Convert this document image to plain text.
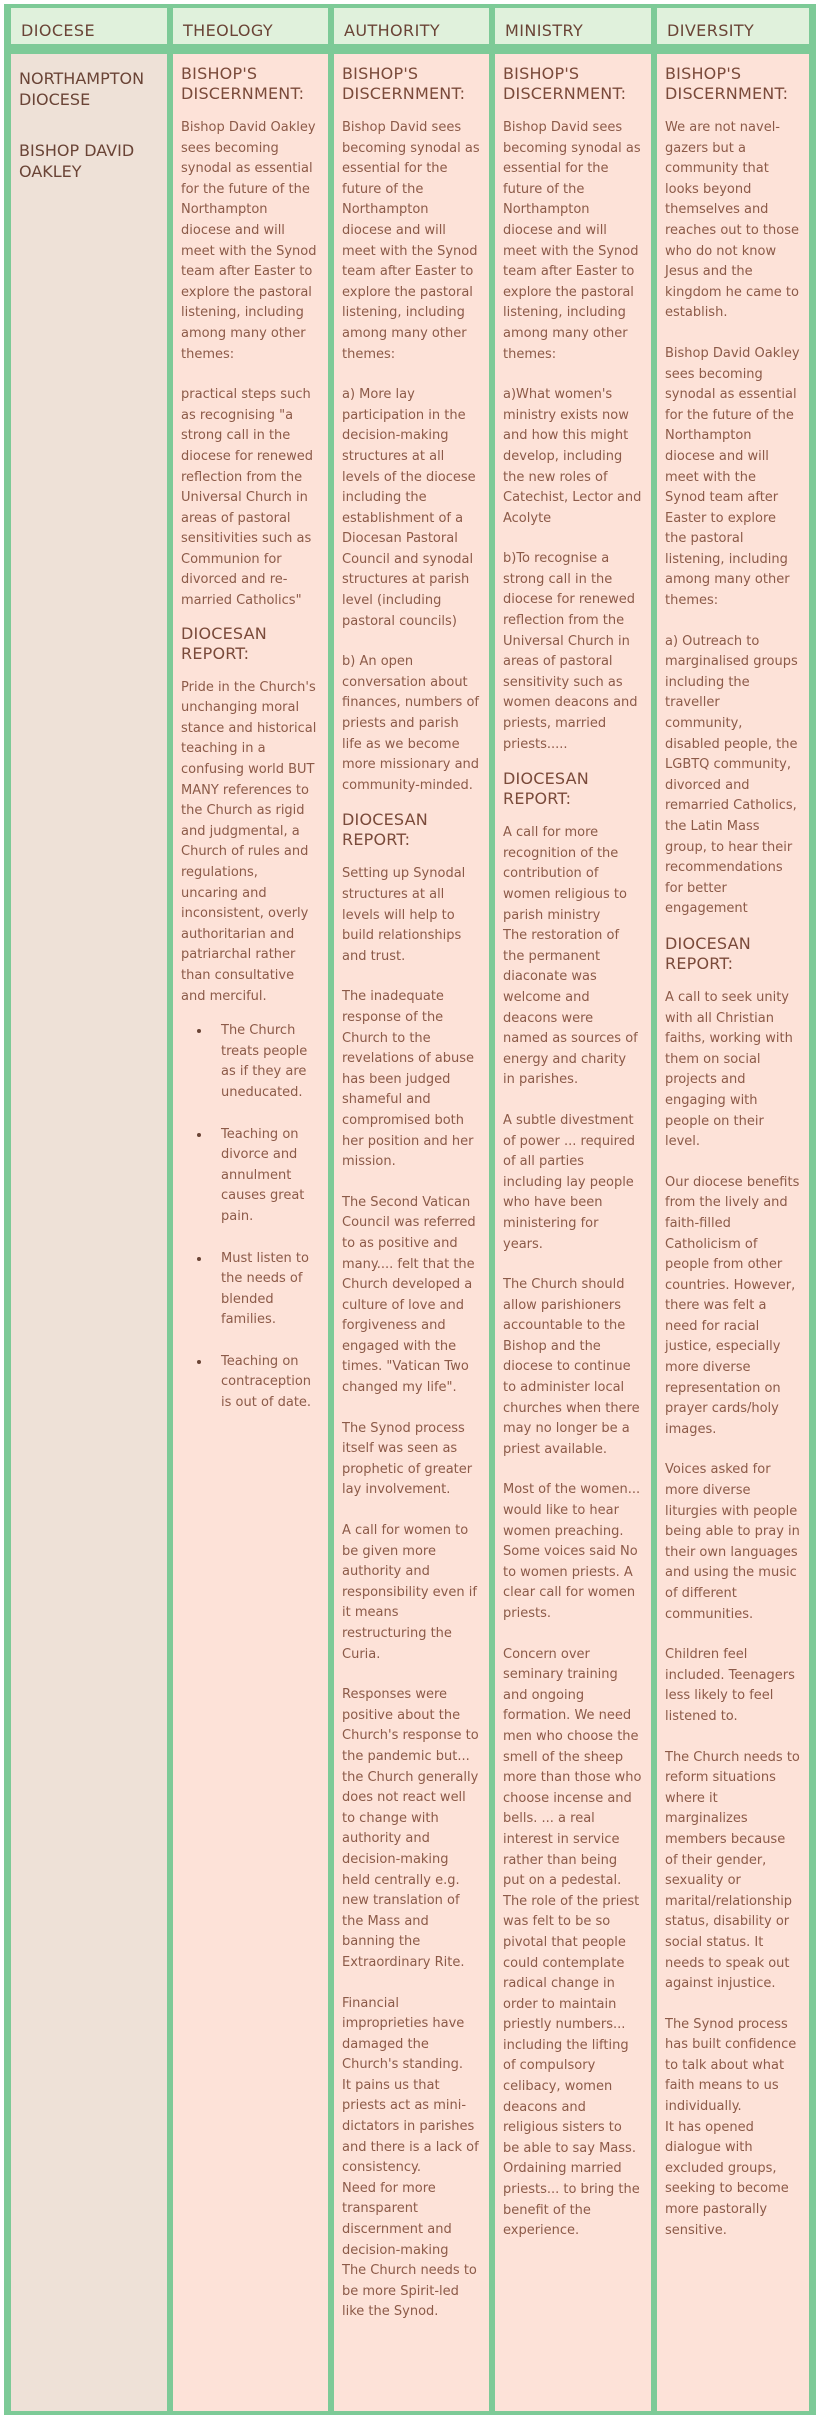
DIOCESE
NORTHAMPTON DIOCESE
BISHOP DAVID OAKLEY
THEOLOGY
BISHOP'S DISCERNMENT:
Bishop David Oakley sees becoming synodal as essential for the future of the Northampton diocese and will meet with the Synod team after Easter to explore the pastoral listening, including among many other themes:
practical steps such as recognising "a strong call in the diocese for renewed reflection from the Universal Church in areas of pastoral sensitivities such as Communion for divorced and re-married Catholics"
DIOCESAN REPORT:
Pride in the Church's unchanging moral stance and historical teaching in a confusing world BUT MANY references to the Church as rigid and judgmental, a Church of rules and regulations, uncaring and inconsistent, overly authoritarian and patriarchal rather than consultative and merciful.
• The Church treats people as if they are uneducated.
• Teaching on divorce and annulment causes great pain.
• Must listen to the needs of blended families.
• Teaching on contraception is out of date.
AUTHORITY
BISHOP'S DISCERNMENT:
Bishop David sees becoming synodal as essential for the future of the Northampton diocese and will meet with the Synod team after Easter to explore the pastoral listening, including among many other themes:
a) More lay participation in the decision-making structures at all levels of the diocese including the establishment of a Diocesan Pastoral Council and synodal structures at parish level (including pastoral councils)
b) An open conversation about finances, numbers of priests and parish life as we become more missionary and community-minded.
DIOCESAN REPORT:
Setting up Synodal structures at all levels will help to build relationships and trust.
The inadequate response of the Church to the revelations of abuse has been judged shameful and compromised both her position and her mission.
The Second Vatican Council was referred to as positive and many.... felt that the Church developed a culture of love and forgiveness and engaged with the times. "Vatican Two changed my life".
The Synod process itself was seen as prophetic of greater lay involvement.
A call for women to be given more authority and responsibility even if it means restructuring the Curia.
Responses were positive about the Church's response to the pandemic but... the Church generally does not react well to change with authority and decision-making held centrally e.g. new translation of the Mass and banning the Extraordinary Rite.
Financial improprieties have damaged the Church's standing.
It pains us that priests act as mini-dictators in parishes and there is a lack of consistency.
Need for more transparent discernment and decision-making
The Church needs to be more Spirit-led like the Synod.
MINISTRY
BISHOP'S DISCERNMENT:
Bishop David sees becoming synodal as essential for the future of the Northampton diocese and will meet with the Synod team after Easter to explore the pastoral listening, including among many other themes:
a)What women's ministry exists now and how this might develop, including the new roles of Catechist, Lector and Acolyte
b)To recognise a strong call in the diocese for renewed reflection from the Universal Church in areas of pastoral sensitivity such as women deacons and priests, married priests.....
DIOCESAN REPORT:
A call for more recognition of the contribution of women religious to parish ministry
The restoration of the permanent diaconate was welcome and deacons were named as sources of energy and charity in parishes.
A subtle divestment of power ... required of all parties including lay people who have been ministering for years.
The Church should allow parishioners accountable to the Bishop and the diocese to continue to administer local churches when there may no longer be a priest available.
Most of the women... would like to hear women preaching. Some voices said No to women priests. A clear call for women priests.
Concern over seminary training and ongoing formation. We need men who choose the smell of the sheep more than those who choose incense and bells. ... a real interest in service rather than being put on a pedestal.
The role of the priest was felt to be so pivotal that people could contemplate radical change in order to maintain priestly numbers... including the lifting of compulsory celibacy, women deacons and religious sisters to be able to say Mass. Ordaining married priests... to bring the benefit of the experience.
DIVERSITY
BISHOP'S DISCERNMENT:
We are not navel-gazers but a community that looks beyond themselves and reaches out to those who do not know Jesus and the kingdom he came to establish.
Bishop David Oakley sees becoming synodal as essential for the future of the Northampton diocese and will meet with the Synod team after Easter to explore the pastoral listening, including among many other themes:
a) Outreach to marginalised groups including the traveller community, disabled people, the LGBTQ community, divorced and remarried Catholics, the Latin Mass group, to hear their recommendations for better engagement
DIOCESAN REPORT:
A call to seek unity with all Christian faiths, working with them on social projects and engaging with people on their level.
Our diocese benefits from the lively and faith-filled Catholicism of people from other countries. However, there was felt a need for racial justice, especially more diverse representation on prayer cards/holy images.
Voices asked for more diverse liturgies with people being able to pray in their own languages and using the music of different communities.
Children feel included. Teenagers less likely to feel listened to.
The Church needs to reform situations where it marginalizes members because of their gender, sexuality or marital/relationship status, disability or social status. It needs to speak out against injustice.
The Synod process has built confidence to talk about what faith means to us individually.
It has opened dialogue with excluded groups, seeking to become more pastorally sensitive.
